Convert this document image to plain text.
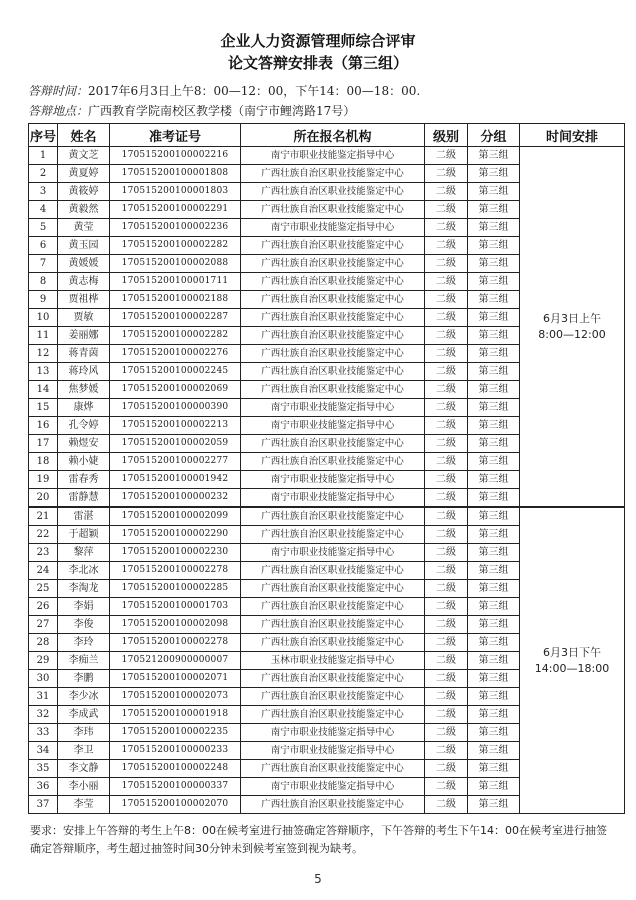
企业人力资源管理师综合评审
论文答辩安排表（第三组）
答辩时间：2017年6月3日上午8：00—12：00，下午14：00—18：00.
答辩地点：广西教育学院南校区教学楼（南宁市鲤湾路17号）
序号	姓名	准考证号	所在报名机构	级别	分组	时间安排
1	黄文芝	170515200100002216	南宁市职业技能鉴定指导中心	二级	第三组	6月3日上午
8:00—12:00

2	黄夏婷	170515200100001808	广西壮族自治区职业技能鉴定中心	二级	第三组	
3	黄筱婷	170515200100001803	广西壮族自治区职业技能鉴定中心	二级	第三组	
4	黄毅然	170515200100002291	广西壮族自治区职业技能鉴定中心	二级	第三组	
5	黄莹	170515200100002236	南宁市职业技能鉴定指导中心	二级	第三组	
6	黄玉园	170515200100002282	广西壮族自治区职业技能鉴定中心	二级	第三组	
7	黄媛媛	170515200100002088	广西壮族自治区职业技能鉴定中心	二级	第三组	
8	黄志梅	170515200100001711	广西壮族自治区职业技能鉴定中心	二级	第三组	
9	贾祖桦	170515200100002188	广西壮族自治区职业技能鉴定中心	二级	第三组	
10	贾敏	170515200100002287	广西壮族自治区职业技能鉴定中心	二级	第三组	
11	姜丽娜	170515200100002282	广西壮族自治区职业技能鉴定中心	二级	第三组	
12	蒋青茵	170515200100002276	广西壮族自治区职业技能鉴定中心	二级	第三组	
13	蒋玲风	170515200100002245	广西壮族自治区职业技能鉴定中心	二级	第三组	
14	焦梦媛	170515200100002069	广西壮族自治区职业技能鉴定中心	二级	第三组	
15	康烨	170515200100000390	南宁市职业技能鉴定指导中心	二级	第三组	
16	孔令婷	170515200100002213	南宁市职业技能鉴定指导中心	二级	第三组	
17	赖煜安	170515200100002059	广西壮族自治区职业技能鉴定中心	二级	第三组	
18	赖小婕	170515200100002277	广西壮族自治区职业技能鉴定中心	二级	第三组	
19	雷春秀	170515200100001942	南宁市职业技能鉴定指导中心	二级	第三组	
20	雷静慧	170515200100000232	南宁市职业技能鉴定指导中心	二级	第三组	
21	雷湛	170515200100002099	广西壮族自治区职业技能鉴定中心	二级	第三组	6月3日下午
14:00—18:00

22	于超颖	170515200100002290	广西壮族自治区职业技能鉴定中心	二级	第三组	
23	黎萍	170515200100002230	南宁市职业技能鉴定指导中心	二级	第三组	
24	李北冰	170515200100002278	广西壮族自治区职业技能鉴定中心	二级	第三组	
25	李淘龙	170515200100002285	广西壮族自治区职业技能鉴定中心	二级	第三组	
26	李娟	170515200100001703	广西壮族自治区职业技能鉴定中心	二级	第三组	
27	李俊	170515200100002098	广西壮族自治区职业技能鉴定中心	二级	第三组	
28	李玲	170515200100002278	广西壮族自治区职业技能鉴定中心	二级	第三组	
29	李痴兰	170521200900000007	玉林市职业技能鉴定指导中心	二级	第三组	
30	李鹏	170515200100002071	广西壮族自治区职业技能鉴定中心	二级	第三组	
31	李少冰	170515200100002073	广西壮族自治区职业技能鉴定中心	二级	第三组	
32	李成武	170515200100001918	广西壮族自治区职业技能鉴定中心	二级	第三组	
33	李玮	170515200100002235	南宁市职业技能鉴定指导中心	二级	第三组	
34	李卫	170515200100000233	南宁市职业技能鉴定指导中心	二级	第三组	
35	李文静	170515200100002248	广西壮族自治区职业技能鉴定中心	二级	第三组	
36	李小丽	170515200100000337	南宁市职业技能鉴定指导中心	二级	第三组	
37	李莹	170515200100002070	广西壮族自治区职业技能鉴定中心	二级	第三组	
要求：安排上午答辩的考生上午8：00在候考室进行抽签确定答辩顺序，下午答辩的考生下午14：00在候考室进行抽签确定答辩顺序，考生超过抽签时间30分钟未到候考室签到视为缺考。
5
